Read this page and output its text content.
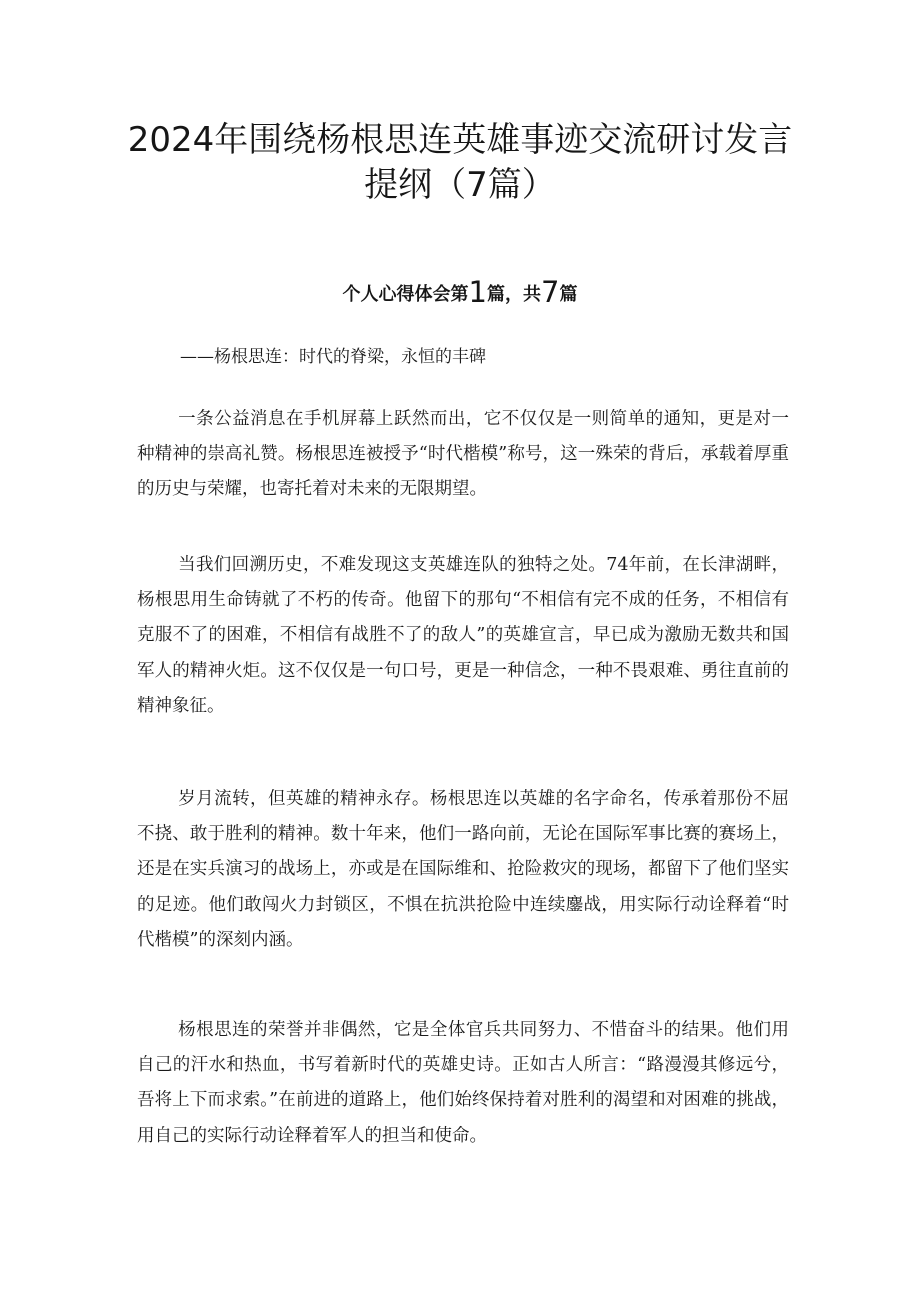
2024年围绕杨根思连英雄事迹交流研讨发言提纲（7篇）
个人心得体会第1篇，共7篇

——杨根思连：时代的脊梁，永恒的丰碑

一条公益消息在手机屏幕上跃然而出，它不仅仅是一则简单的通知，更是对一种精神的崇高礼赞。杨根思连被授予“时代楷模”称号，这一殊荣的背后，承载着厚重的历史与荣耀，也寄托着对未来的无限期望。

当我们回溯历史，不难发现这支英雄连队的独特之处。74年前，在长津湖畔，杨根思用生命铸就了不朽的传奇。他留下的那句“不相信有完不成的任务，不相信有克服不了的困难，不相信有战胜不了的敌人”的英雄宣言，早已成为激励无数共和国军人的精神火炬。这不仅仅是一句口号，更是一种信念，一种不畏艰难、勇往直前的精神象征。

岁月流转，但英雄的精神永存。杨根思连以英雄的名字命名，传承着那份不屈不挠、敢于胜利的精神。数十年来，他们一路向前，无论在国际军事比赛的赛场上，还是在实兵演习的战场上，亦或是在国际维和、抢险救灾的现场，都留下了他们坚实的足迹。他们敢闯火力封锁区，不惧在抗洪抢险中连续鏖战，用实际行动诠释着“时代楷模”的深刻内涵。

杨根思连的荣誉并非偶然，它是全体官兵共同努力、不惜奋斗的结果。他们用自己的汗水和热血，书写着新时代的英雄史诗。正如古人所言：“路漫漫其修远兮，吾将上下而求索。”在前进的道路上，他们始终保持着对胜利的渴望和对困难的挑战，用自己的实际行动诠释着军人的担当和使命。
